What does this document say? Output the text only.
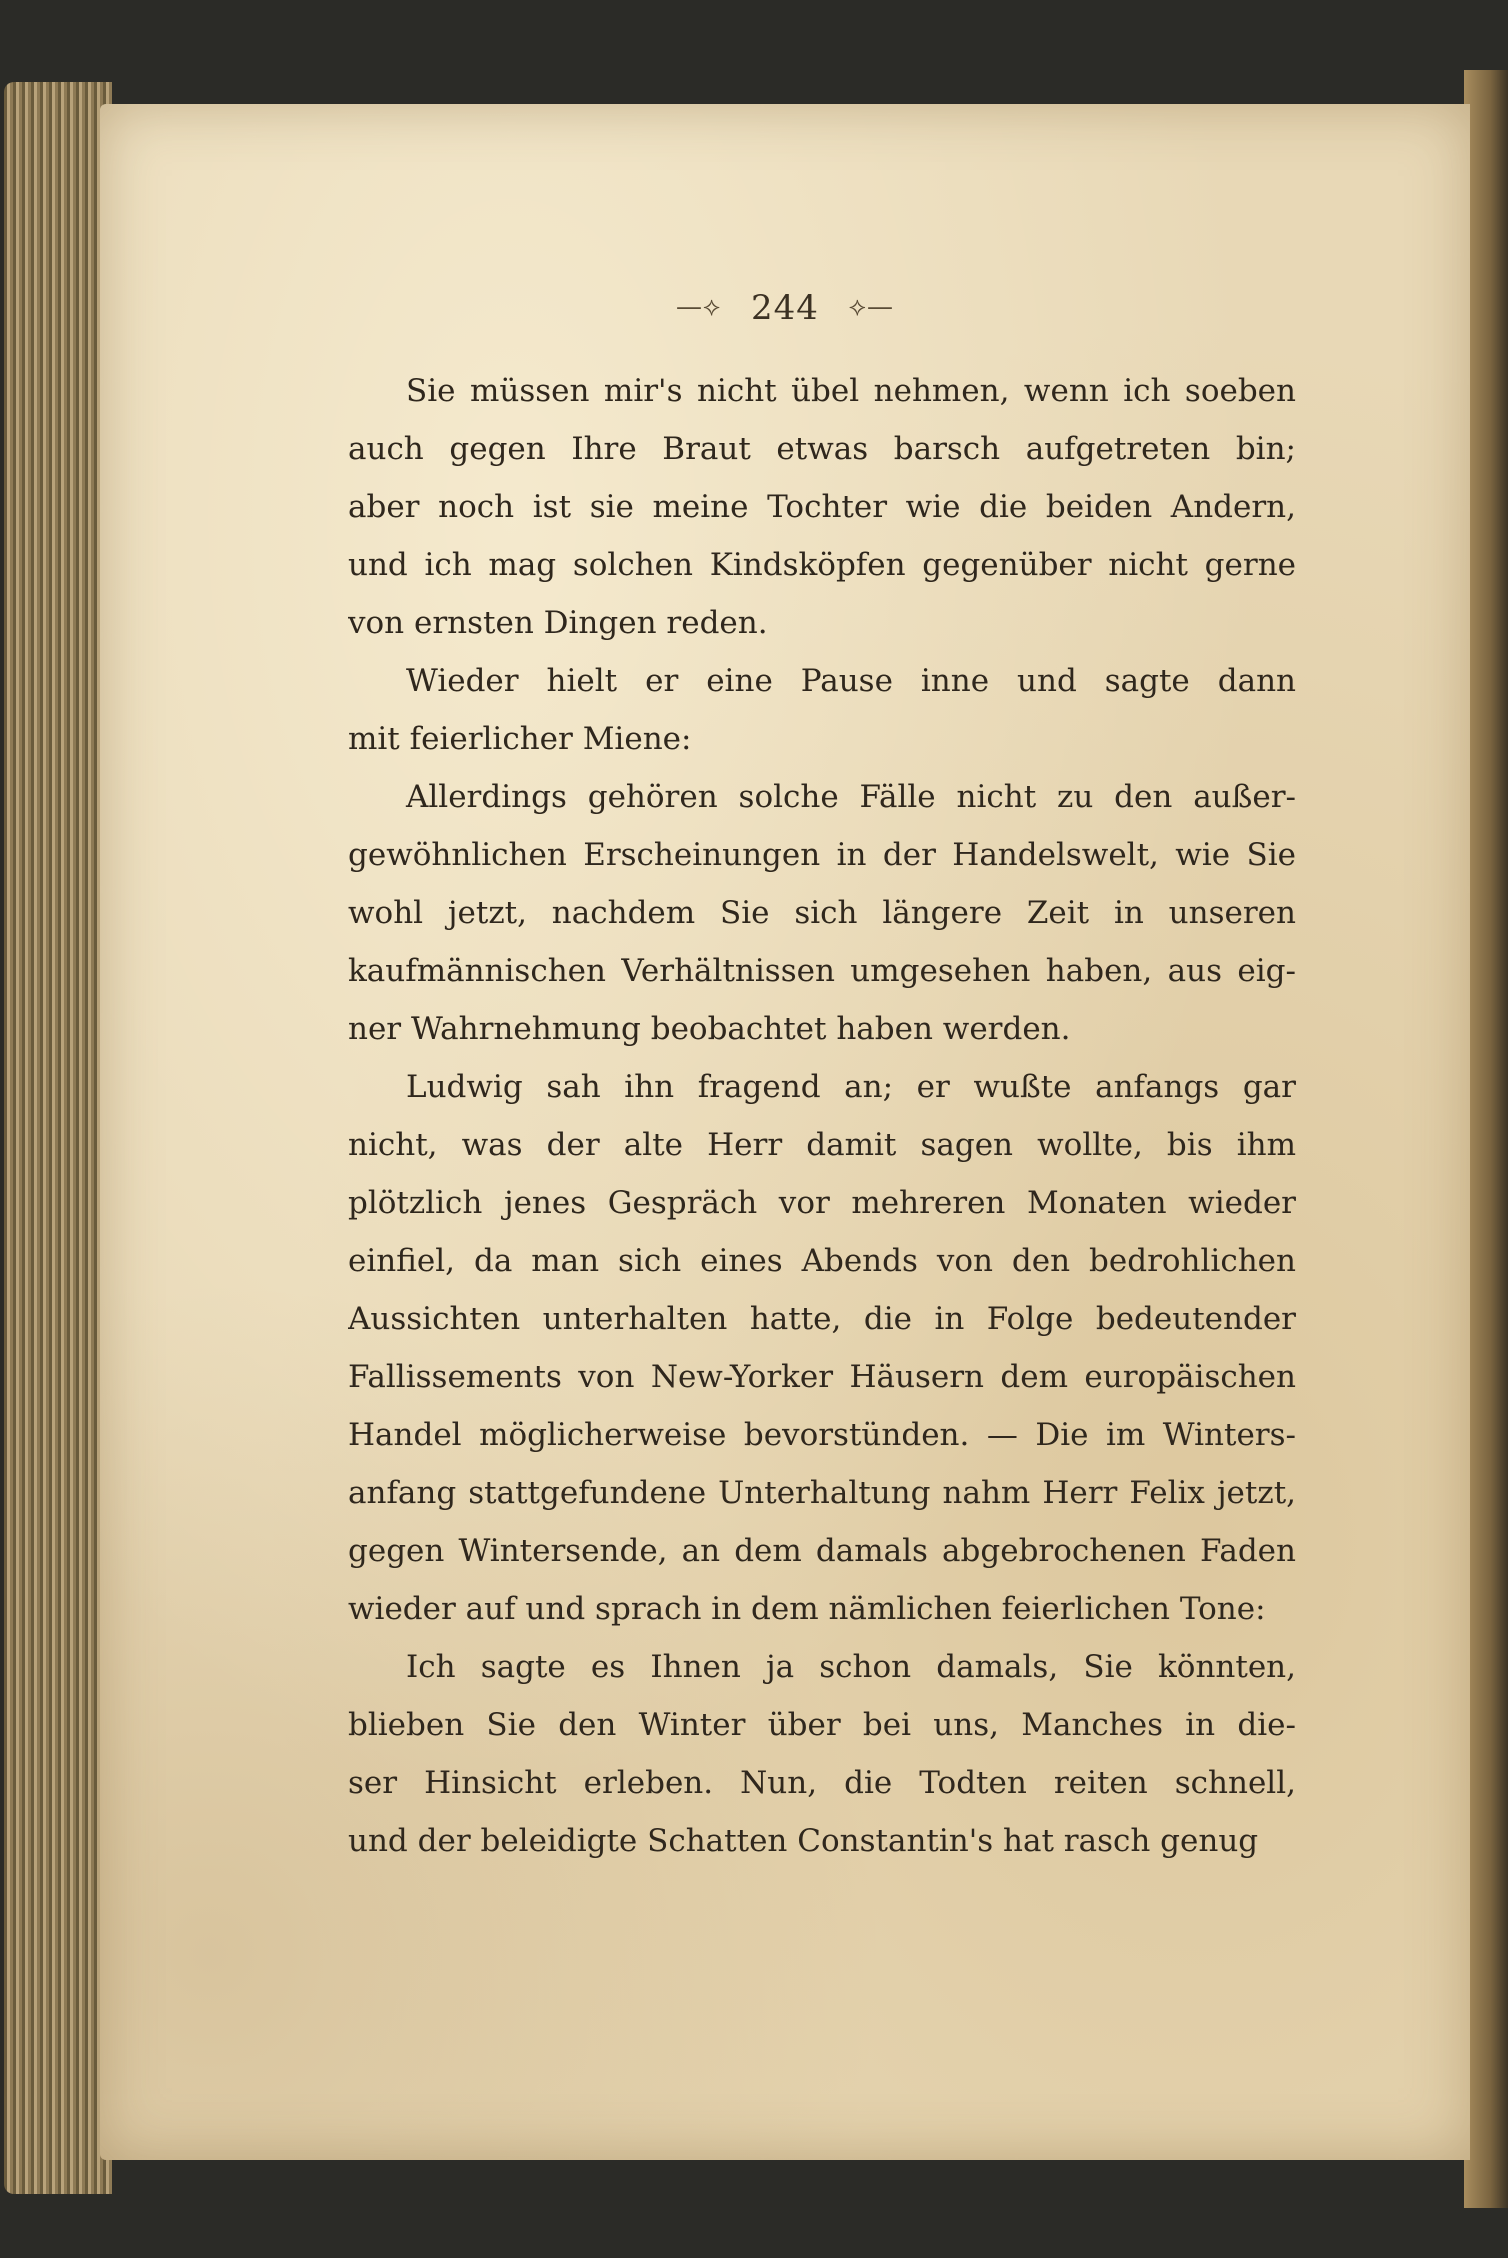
—⟡ 244 ⟡—
Sie müssen mir's nicht übel nehmen, wenn ich soeben
auch gegen Ihre Braut etwas barsch aufgetreten bin;
aber noch ist sie meine Tochter wie die beiden Andern,
und ich mag solchen Kindsköpfen gegenüber nicht gerne
von ernsten Dingen reden.
Wieder hielt er eine Pause inne und sagte dann
mit feierlicher Miene:
Allerdings gehören solche Fälle nicht zu den außer-
gewöhnlichen Erscheinungen in der Handelswelt, wie Sie
wohl jetzt, nachdem Sie sich längere Zeit in unseren
kaufmännischen Verhältnissen umgesehen haben, aus eig-
ner Wahrnehmung beobachtet haben werden.
Ludwig sah ihn fragend an; er wußte anfangs gar
nicht, was der alte Herr damit sagen wollte, bis ihm
plötzlich jenes Gespräch vor mehreren Monaten wieder
einfiel, da man sich eines Abends von den bedrohlichen
Aussichten unterhalten hatte, die in Folge bedeutender
Fallissements von New-Yorker Häusern dem europäischen
Handel möglicherweise bevorstünden. — Die im Winters-
anfang stattgefundene Unterhaltung nahm Herr Felix jetzt,
gegen Wintersende, an dem damals abgebrochenen Faden
wieder auf und sprach in dem nämlichen feierlichen Tone:
Ich sagte es Ihnen ja schon damals, Sie könnten,
blieben Sie den Winter über bei uns, Manches in die-
ser Hinsicht erleben. Nun, die Todten reiten schnell,
und der beleidigte Schatten Constantin's hat rasch genug
